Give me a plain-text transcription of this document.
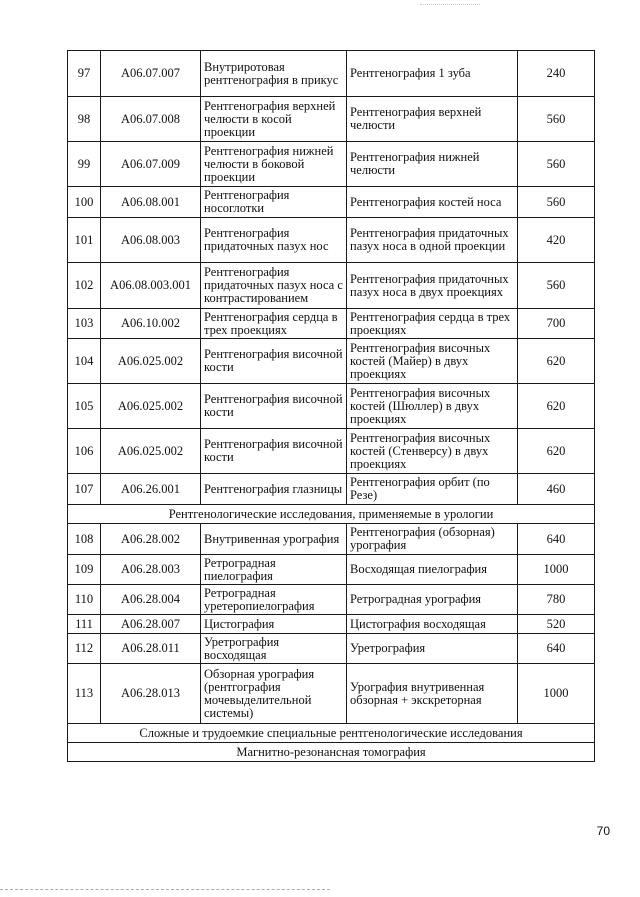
97	A06.07.007	Внутриротовая рентгенография в прикус	Рентгенография 1 зуба	240
98	A06.07.008	Рентгенография верхней челюсти в косой проекции	Рентгенография верхней челюсти	560
99	A06.07.009	Рентгенография нижней челюсти в боковой проекции	Рентгенография нижней челюсти	560
100	A06.08.001	Рентгенография носоглотки	Рентгенография костей носа	560
101	A06.08.003	Рентгенография придаточных пазух нос	Рентгенография придаточных пазух носа в одной проекции	420
102	A06.08.003.001	Рентгенография придаточных пазух носа с контрастированием	Рентгенография придаточных пазух носа в двух проекциях	560
103	A06.10.002	Рентгенография сердца в трех проекциях	Рентгенография сердца в трех проекциях	700
104	A06.025.002	Рентгенография височной кости	Рентгенография височных костей (Майер) в двух проекциях	620
105	A06.025.002	Рентгенография височной кости	Рентгенография височных костей (Шюллер) в двух проекциях	620
106	A06.025.002	Рентгенография височной кости	Рентгенография височных костей (Стенверсу) в двух проекциях	620
107	A06.26.001	Рентгенография глазницы	Рентгенография орбит (по Резе)	460
Рентгенологические исследования, применяемые в урологии				
108	A06.28.002	Внутривенная урография	Рентгенография (обзорная) урография	640
109	A06.28.003	Ретроградная пиелография	Восходящая пиелография	1000
110	A06.28.004	Ретроградная уретеропиелография	Ретроградная урография	780
111	A06.28.007	Цистография	Цистография восходящая	520
112	A06.28.011	Уретрография восходящая	Уретрография	640
113	A06.28.013	Обзорная урография (рентгография мочевыделительной системы)	Урография внутривенная обзорная + экскреторная	1000
Сложные и трудоемкие специальные рентгенологические исследования				
Магнитно-резонансная томография				
70
